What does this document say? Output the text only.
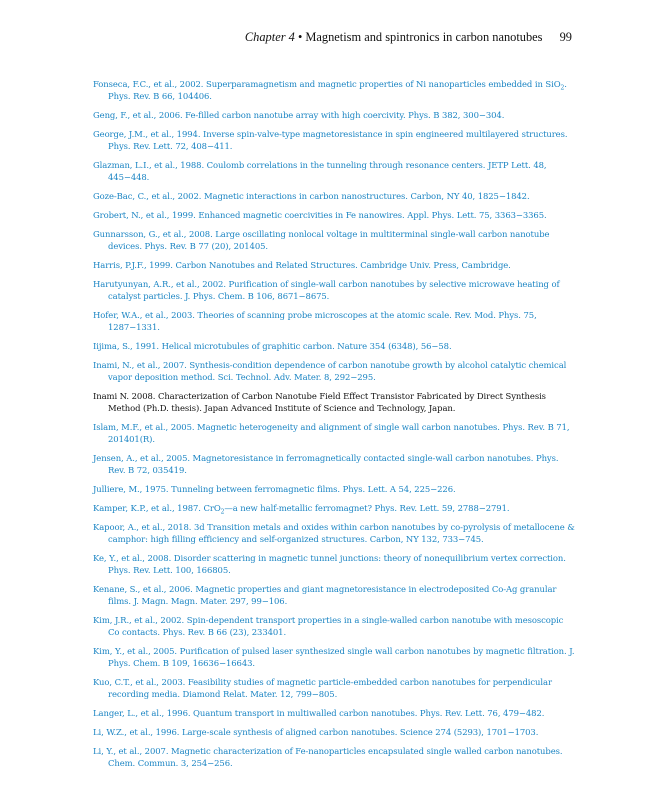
Chapter 4 • Magnetism and spintronics in carbon nanotubes 99

Fonseca, F.C., et al., 2002. Superparamagnetism and magnetic properties of Ni nanoparticles embedded in SiO$_2$. Phys. Rev. B 66, 104406.

Geng, F., et al., 2006. Fe-filled carbon nanotube array with high coercivity. Phys. B 382, 300−304.

George, J.M., et al., 1994. Inverse spin-valve-type magnetoresistance in spin engineered multilayered structures. Phys. Rev. Lett. 72, 408−411.

Glazman, L.I., et al., 1988. Coulomb correlations in the tunneling through resonance centers. JETP Lett. 48, 445−448.

Goze-Bac, C., et al., 2002. Magnetic interactions in carbon nanostructures. Carbon, NY 40, 1825−1842.

Grobert, N., et al., 1999. Enhanced magnetic coercivities in Fe nanowires. Appl. Phys. Lett. 75, 3363−3365.

Gunnarsson, G., et al., 2008. Large oscillating nonlocal voltage in multiterminal single-wall carbon nanotube devices. Phys. Rev. B 77 (20), 201405.

Harris, P.J.F., 1999. Carbon Nanotubes and Related Structures. Cambridge Univ. Press, Cambridge.

Harutyunyan, A.R., et al., 2002. Purification of single-wall carbon nanotubes by selective microwave heating of catalyst particles. J. Phys. Chem. B 106, 8671−8675.

Hofer, W.A., et al., 2003. Theories of scanning probe microscopes at the atomic scale. Rev. Mod. Phys. 75, 1287−1331.

Iijima, S., 1991. Helical microtubules of graphitic carbon. Nature 354 (6348), 56−58.

Inami, N., et al., 2007. Synthesis-condition dependence of carbon nanotube growth by alcohol catalytic chemical vapor deposition method. Sci. Technol. Adv. Mater. 8, 292−295.

Inami N. 2008. Characterization of Carbon Nanotube Field Effect Transistor Fabricated by Direct Synthesis Method (Ph.D. thesis). Japan Advanced Institute of Science and Technology, Japan.

Islam, M.F., et al., 2005. Magnetic heterogeneity and alignment of single wall carbon nanotubes. Phys. Rev. B 71, 201401(R).

Jensen, A., et al., 2005. Magnetoresistance in ferromagnetically contacted single-wall carbon nanotubes. Phys. Rev. B 72, 035419.

Julliere, M., 1975. Tunneling between ferromagnetic films. Phys. Lett. A 54, 225−226.

Kamper, K.P., et al., 1987. CrO$_2$—a new half-metallic ferromagnet? Phys. Rev. Lett. 59, 2788−2791.

Kapoor, A., et al., 2018. 3d Transition metals and oxides within carbon nanotubes by co-pyrolysis of metallocene & camphor: high filling efficiency and self-organized structures. Carbon, NY 132, 733−745.

Ke, Y., et al., 2008. Disorder scattering in magnetic tunnel junctions: theory of nonequilibrium vertex correction. Phys. Rev. Lett. 100, 166805.

Kenane, S., et al., 2006. Magnetic properties and giant magnetoresistance in electrodeposited Co-Ag granular films. J. Magn. Magn. Mater. 297, 99−106.

Kim, J.R., et al., 2002. Spin-dependent transport properties in a single-walled carbon nanotube with mesoscopic Co contacts. Phys. Rev. B 66 (23), 233401.

Kim, Y., et al., 2005. Purification of pulsed laser synthesized single wall carbon nanotubes by magnetic filtration. J. Phys. Chem. B 109, 16636−16643.

Kuo, C.T., et al., 2003. Feasibility studies of magnetic particle-embedded carbon nanotubes for perpendicular recording media. Diamond Relat. Mater. 12, 799−805.

Langer, L., et al., 1996. Quantum transport in multiwalled carbon nanotubes. Phys. Rev. Lett. 76, 479−482.

Li, W.Z., et al., 1996. Large-scale synthesis of aligned carbon nanotubes. Science 274 (5293), 1701−1703.

Li, Y., et al., 2007. Magnetic characterization of Fe-nanoparticles encapsulated single walled carbon nanotubes. Chem. Commun. 3, 254−256.
